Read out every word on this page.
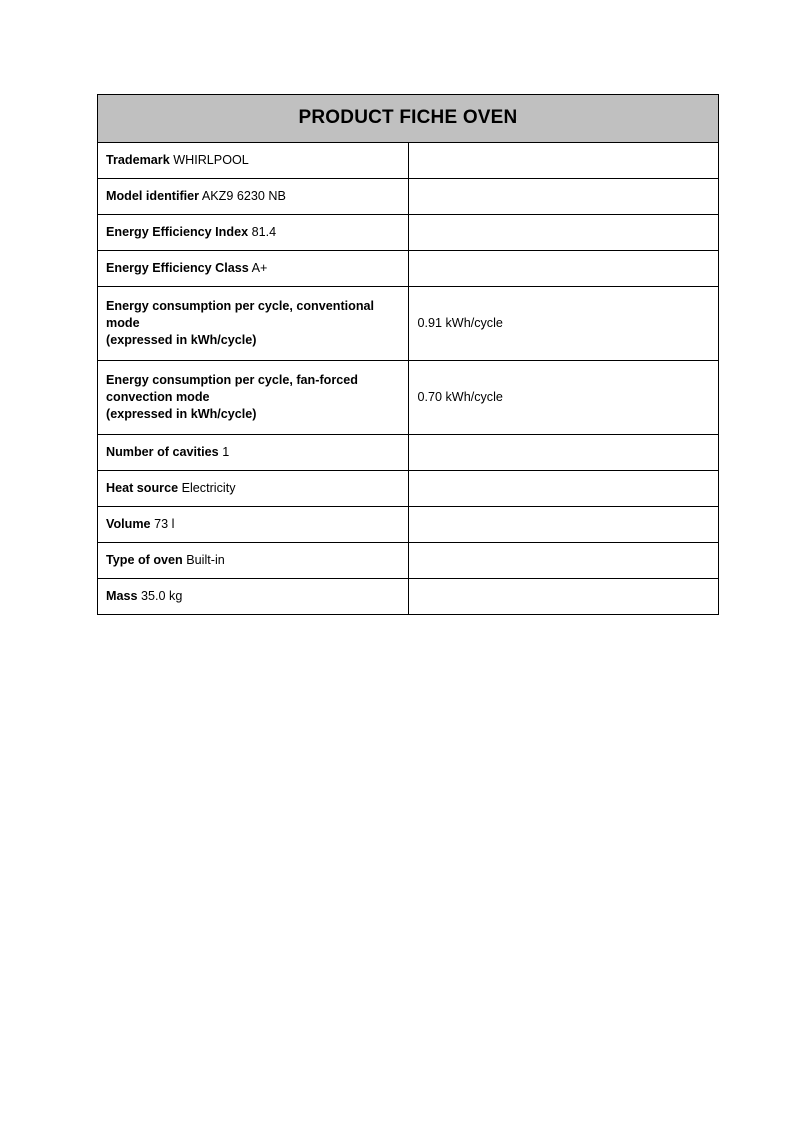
PRODUCT FICHE OVEN	
Trademark WHIRLPOOL	
Model identifier AKZ9 6230 NB	
Energy Efficiency Index 81.4	
Energy Efficiency Class A+	

Energy consumption per cycle, conventional mode
(expressed in kWh/cycle)	0.91 kWh/cycle

Energy consumption per cycle, fan-forced convection mode
(expressed in kWh/cycle)	0.70 kWh/cycle
Number of cavities 1	
Heat source Electricity	
Volume 73 l	
Type of oven Built-in	
Mass 35.0 kg	
